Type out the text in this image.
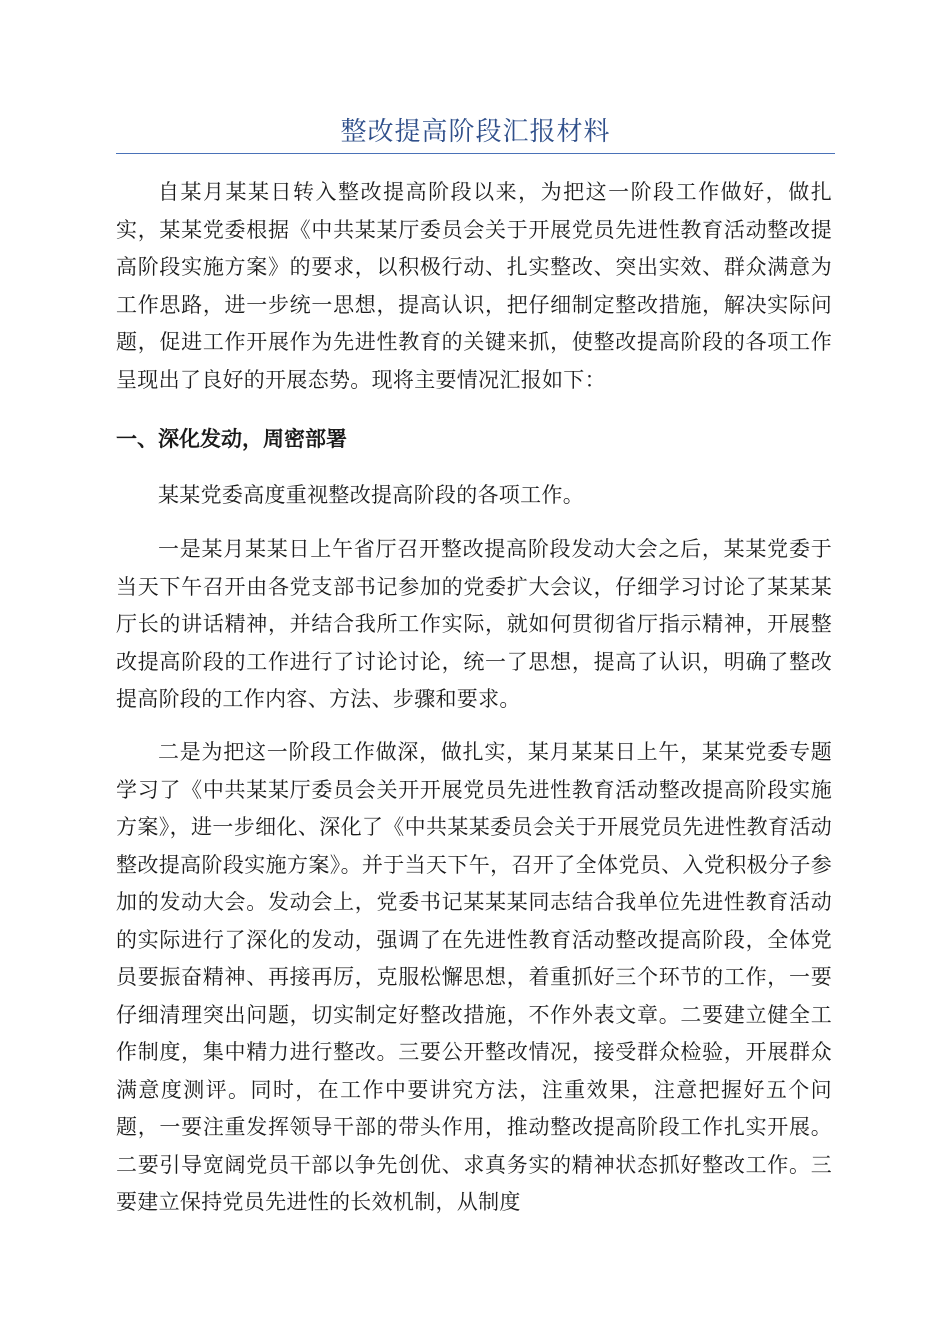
整改提高阶段汇报材料

自某月某某日转入整改提高阶段以来，为把这一阶段工作做好，做扎实，某某党委根据《中共某某厅委员会关于开展党员先进性教育活动整改提高阶段实施方案》的要求，以积极行动、扎实整改、突出实效、群众满意为工作思路，进一步统一思想，提高认识，把仔细制定整改措施，解决实际问题，促进工作开展作为先进性教育的关键来抓，使整改提高阶段的各项工作呈现出了良好的开展态势。现将主要情况汇报如下：

一、深化发动，周密部署

某某党委高度重视整改提高阶段的各项工作。

一是某月某某日上午省厅召开整改提高阶段发动大会之后，某某党委于当天下午召开由各党支部书记参加的党委扩大会议，仔细学习讨论了某某某厅长的讲话精神，并结合我所工作实际，就如何贯彻省厅指示精神，开展整改提高阶段的工作进行了讨论讨论，统一了思想，提高了认识，明确了整改提高阶段的工作内容、方法、步骤和要求。

二是为把这一阶段工作做深，做扎实，某月某某日上午，某某党委专题学习了《中共某某厅委员会关开开展党员先进性教育活动整改提高阶段实施方案》，进一步细化、深化了《中共某某委员会关于开展党员先进性教育活动整改提高阶段实施方案》。并于当天下午，召开了全体党员、入党积极分子参加的发动大会。发动会上，党委书记某某某同志结合我单位先进性教育活动的实际进行了深化的发动，强调了在先进性教育活动整改提高阶段，全体党员要振奋精神、再接再厉，克服松懈思想，着重抓好三个环节的工作，一要仔细清理突出问题，切实制定好整改措施，不作外表文章。二要建立健全工作制度，集中精力进行整改。三要公开整改情况，接受群众检验，开展群众满意度测评。同时，在工作中要讲究方法，注重效果，注意把握好五个问题，一要注重发挥领导干部的带头作用，推动整改提高阶段工作扎实开展。二要引导宽阔党员干部以争先创优、求真务实的精神状态抓好整改工作。三要建立保持党员先进性的长效机制，从制度
